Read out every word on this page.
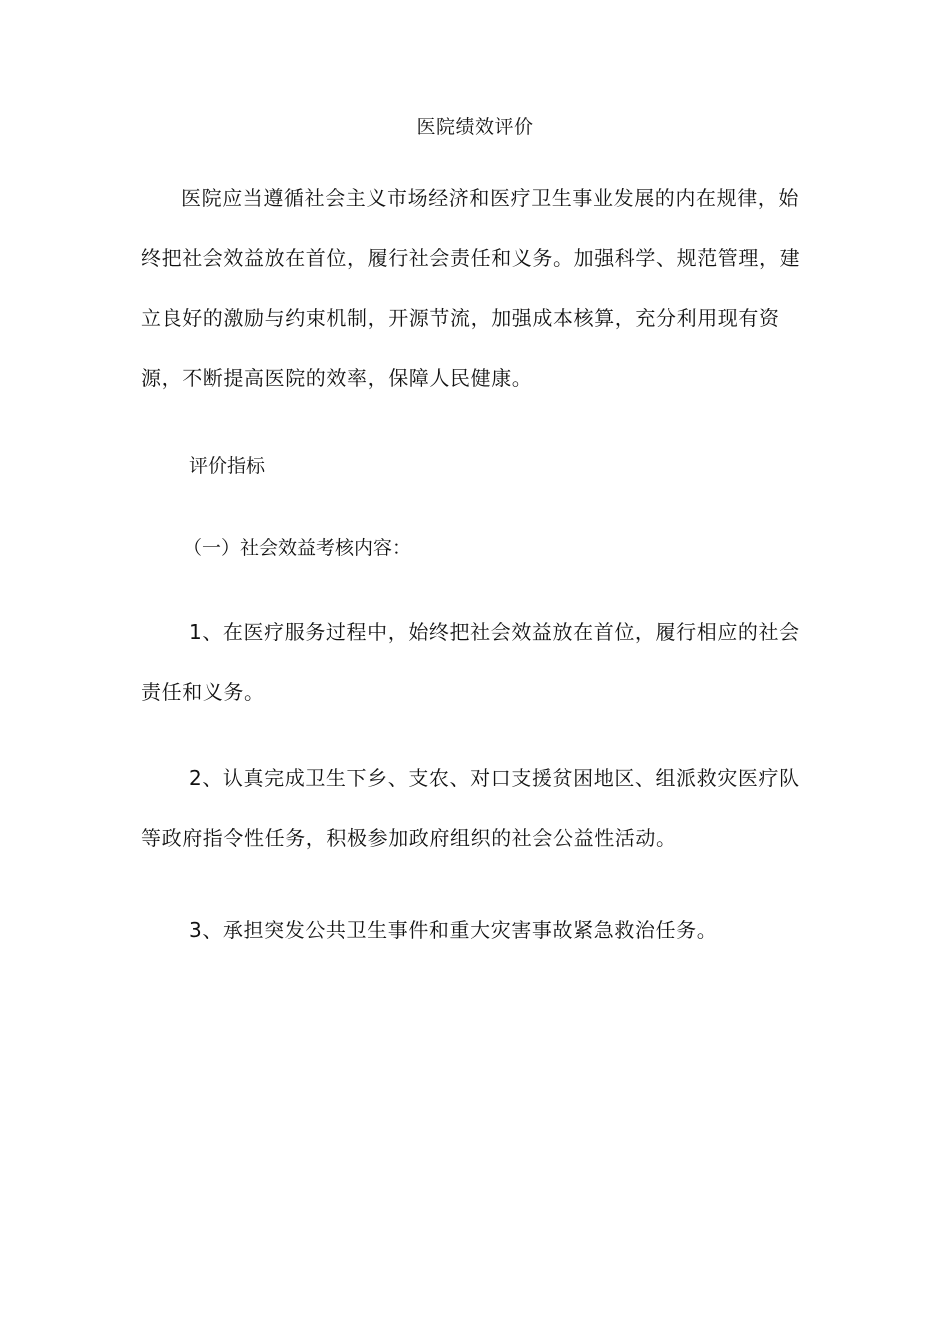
医院绩效评价

医院应当遵循社会主义市场经济和医疗卫生事业发展的内在规律，始终把社会效益放在首位，履行社会责任和义务。加强科学、规范管理，建立良好的激励与约束机制，开源节流，加强成本核算，充分利用现有资源，不断提高医院的效率，保障人民健康。

评价指标
（一）社会效益考核内容：

1、在医疗服务过程中，始终把社会效益放在首位，履行相应的社会责任和义务。

2、认真完成卫生下乡、支农、对口支援贫困地区、组派救灾医疗队等政府指令性任务，积极参加政府组织的社会公益性活动。

3、承担突发公共卫生事件和重大灾害事故紧急救治任务。
